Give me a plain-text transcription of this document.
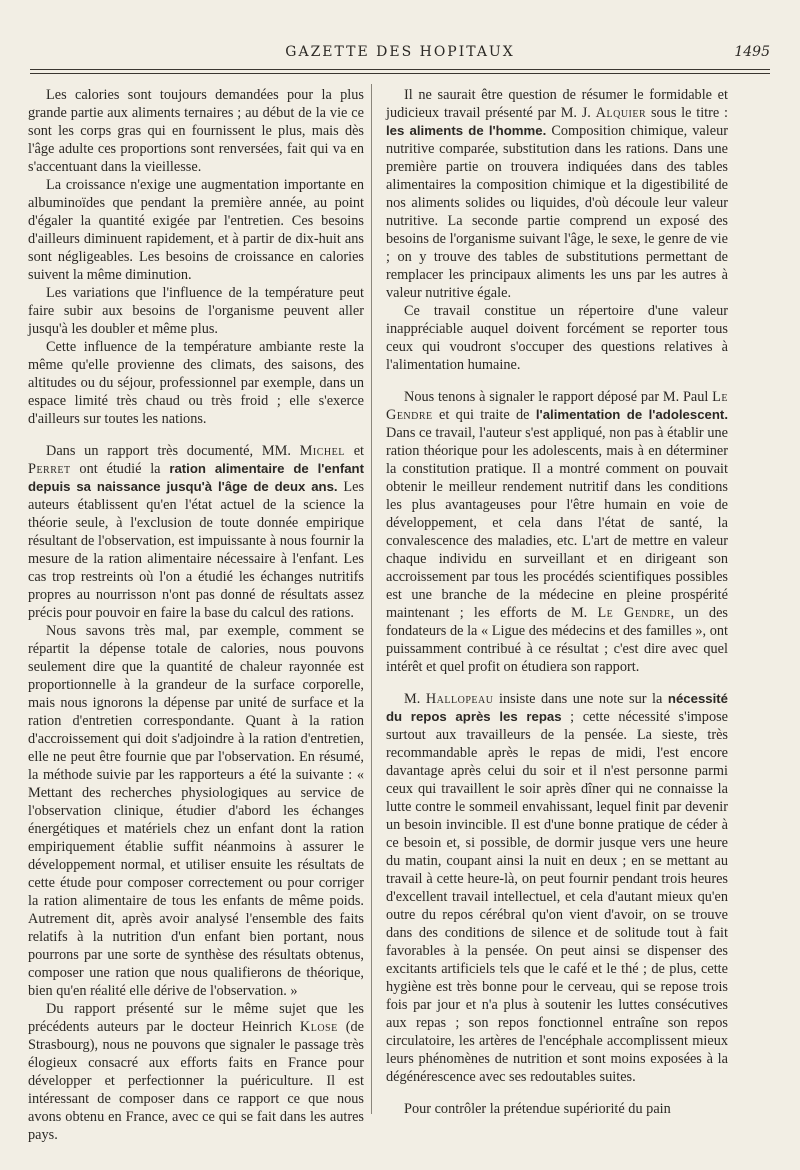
GAZETTE DES HOPITAUX	1495

Les calories sont toujours demandées pour la plus grande partie aux aliments ternaires ; au début de la vie ce sont les corps gras qui en fournissent le plus, mais dès l'âge adulte ces proportions sont renversées, fait qui va en s'accentuant dans la vieillesse.

La croissance n'exige une augmentation importante en albuminoïdes que pendant la première année, au point d'égaler la quantité exigée par l'entretien. Ces besoins d'ailleurs diminuent rapidement, et à partir de dix-huit ans sont négligeables. Les besoins de croissance en calories suivent la même diminution.

Les variations que l'influence de la température peut faire subir aux besoins de l'organisme peuvent aller jusqu'à les doubler et même plus.

Cette influence de la température ambiante reste la même qu'elle provienne des climats, des saisons, des altitudes ou du séjour, professionnel par exemple, dans un espace limité très chaud ou très froid ; elle s'exerce d'ailleurs sur toutes les nations.

Dans un rapport très documenté, MM. Michel et Perret ont étudié la ration alimentaire de l'enfant depuis sa naissance jusqu'à l'âge de deux ans. Les auteurs établissent qu'en l'état actuel de la science la théorie seule, à l'exclusion de toute donnée empirique résultant de l'observation, est impuissante à nous fournir la mesure de la ration alimentaire nécessaire à l'enfant. Les cas trop restreints où l'on a étudié les échanges nutritifs propres au nourrisson n'ont pas donné de résultats assez précis pour pouvoir en faire la base du calcul des rations.

Nous savons très mal, par exemple, comment se répartit la dépense totale de calories, nous pouvons seulement dire que la quantité de chaleur rayonnée est proportionnelle à la grandeur de la surface corporelle, mais nous ignorons la dépense par unité de surface et la ration d'entretien correspondante. Quant à la ration d'accroissement qui doit s'adjoindre à la ration d'entretien, elle ne peut être fournie que par l'observation. En résumé, la méthode suivie par les rapporteurs a été la suivante : « Mettant des recherches physiologiques au service de l'observation clinique, étudier d'abord les échanges énergétiques et matériels chez un enfant dont la ration empiriquement établie suffit néanmoins à assurer le développement normal, et utiliser ensuite les résultats de cette étude pour composer correctement ou pour corriger la ration alimentaire de tous les enfants de même poids. Autrement dit, après avoir analysé l'ensemble des faits relatifs à la nutrition d'un enfant bien portant, nous pourrons par une sorte de synthèse des résultats obtenus, composer une ration que nous qualifierons de théorique, bien qu'en réalité elle dérive de l'observation. »

Du rapport présenté sur le même sujet que les précédents auteurs par le docteur Heinrich Klose (de Strasbourg), nous ne pouvons que signaler le passage très élogieux consacré aux efforts faits en France pour développer et perfectionner la puériculture. Il est intéressant de composer dans ce rapport ce que nous avons obtenu en France, avec ce qui se fait dans les autres pays.

Il ne saurait être question de résumer le formidable et judicieux travail présenté par M. J. Alquier sous le titre : les aliments de l'homme. Composition chimique, valeur nutritive comparée, substitution dans les rations. Dans une première partie on trouvera indiquées dans des tables alimentaires la composition chimique et la digestibilité de nos aliments solides ou liquides, d'où découle leur valeur nutritive. La seconde partie comprend un exposé des besoins de l'organisme suivant l'âge, le sexe, le genre de vie ; on y trouve des tables de substitutions permettant de remplacer les principaux aliments les uns par les autres à valeur nutritive égale.

Ce travail constitue un répertoire d'une valeur inappréciable auquel doivent forcément se reporter tous ceux qui voudront s'occuper des questions relatives à l'alimentation humaine.

Nous tenons à signaler le rapport déposé par M. Paul Le Gendre et qui traite de l'alimentation de l'adolescent. Dans ce travail, l'auteur s'est appliqué, non pas à établir une ration théorique pour les adolescents, mais à en déterminer la constitution pratique. Il a montré comment on pouvait obtenir le meilleur rendement nutritif dans les conditions les plus avantageuses pour l'être humain en voie de développement, et cela dans l'état de santé, la convalescence des maladies, etc. L'art de mettre en valeur chaque individu en surveillant et en dirigeant son accroissement par tous les procédés scientifiques possibles est une branche de la médecine en pleine prospérité maintenant ; les efforts de M. Le Gendre, un des fondateurs de la « Ligue des médecins et des familles », ont puissamment contribué à ce résultat ; c'est dire avec quel intérêt et quel profit on étudiera son rapport.

M. Hallopeau insiste dans une note sur la nécessité du repos après les repas ; cette nécessité s'impose surtout aux travailleurs de la pensée. La sieste, très recommandable après le repas de midi, l'est encore davantage après celui du soir et il n'est personne parmi ceux qui travaillent le soir après dîner qui ne connaisse la lutte contre le sommeil envahissant, lequel finit par devenir un besoin invincible. Il est d'une bonne pratique de céder à ce besoin et, si possible, de dormir jusque vers une heure du matin, coupant ainsi la nuit en deux ; en se mettant au travail à cette heure-là, on peut fournir pendant trois heures d'excellent travail intellectuel, et cela d'autant mieux qu'en outre du repos cérébral qu'on vient d'avoir, on se trouve dans des conditions de silence et de solitude tout à fait favorables à la pensée. On peut ainsi se dispenser des excitants artificiels tels que le café et le thé ; de plus, cette hygiène est très bonne pour le cerveau, qui se repose trois fois par jour et n'a plus à soutenir les luttes consécutives aux repas ; son repos fonctionnel entraîne son repos circulatoire, les artères de l'encéphale accomplissent mieux leurs phénomènes de nutrition et sont moins exposées à la dégénérescence avec ses redoutables suites.

Pour contrôler la prétendue supériorité du pain
